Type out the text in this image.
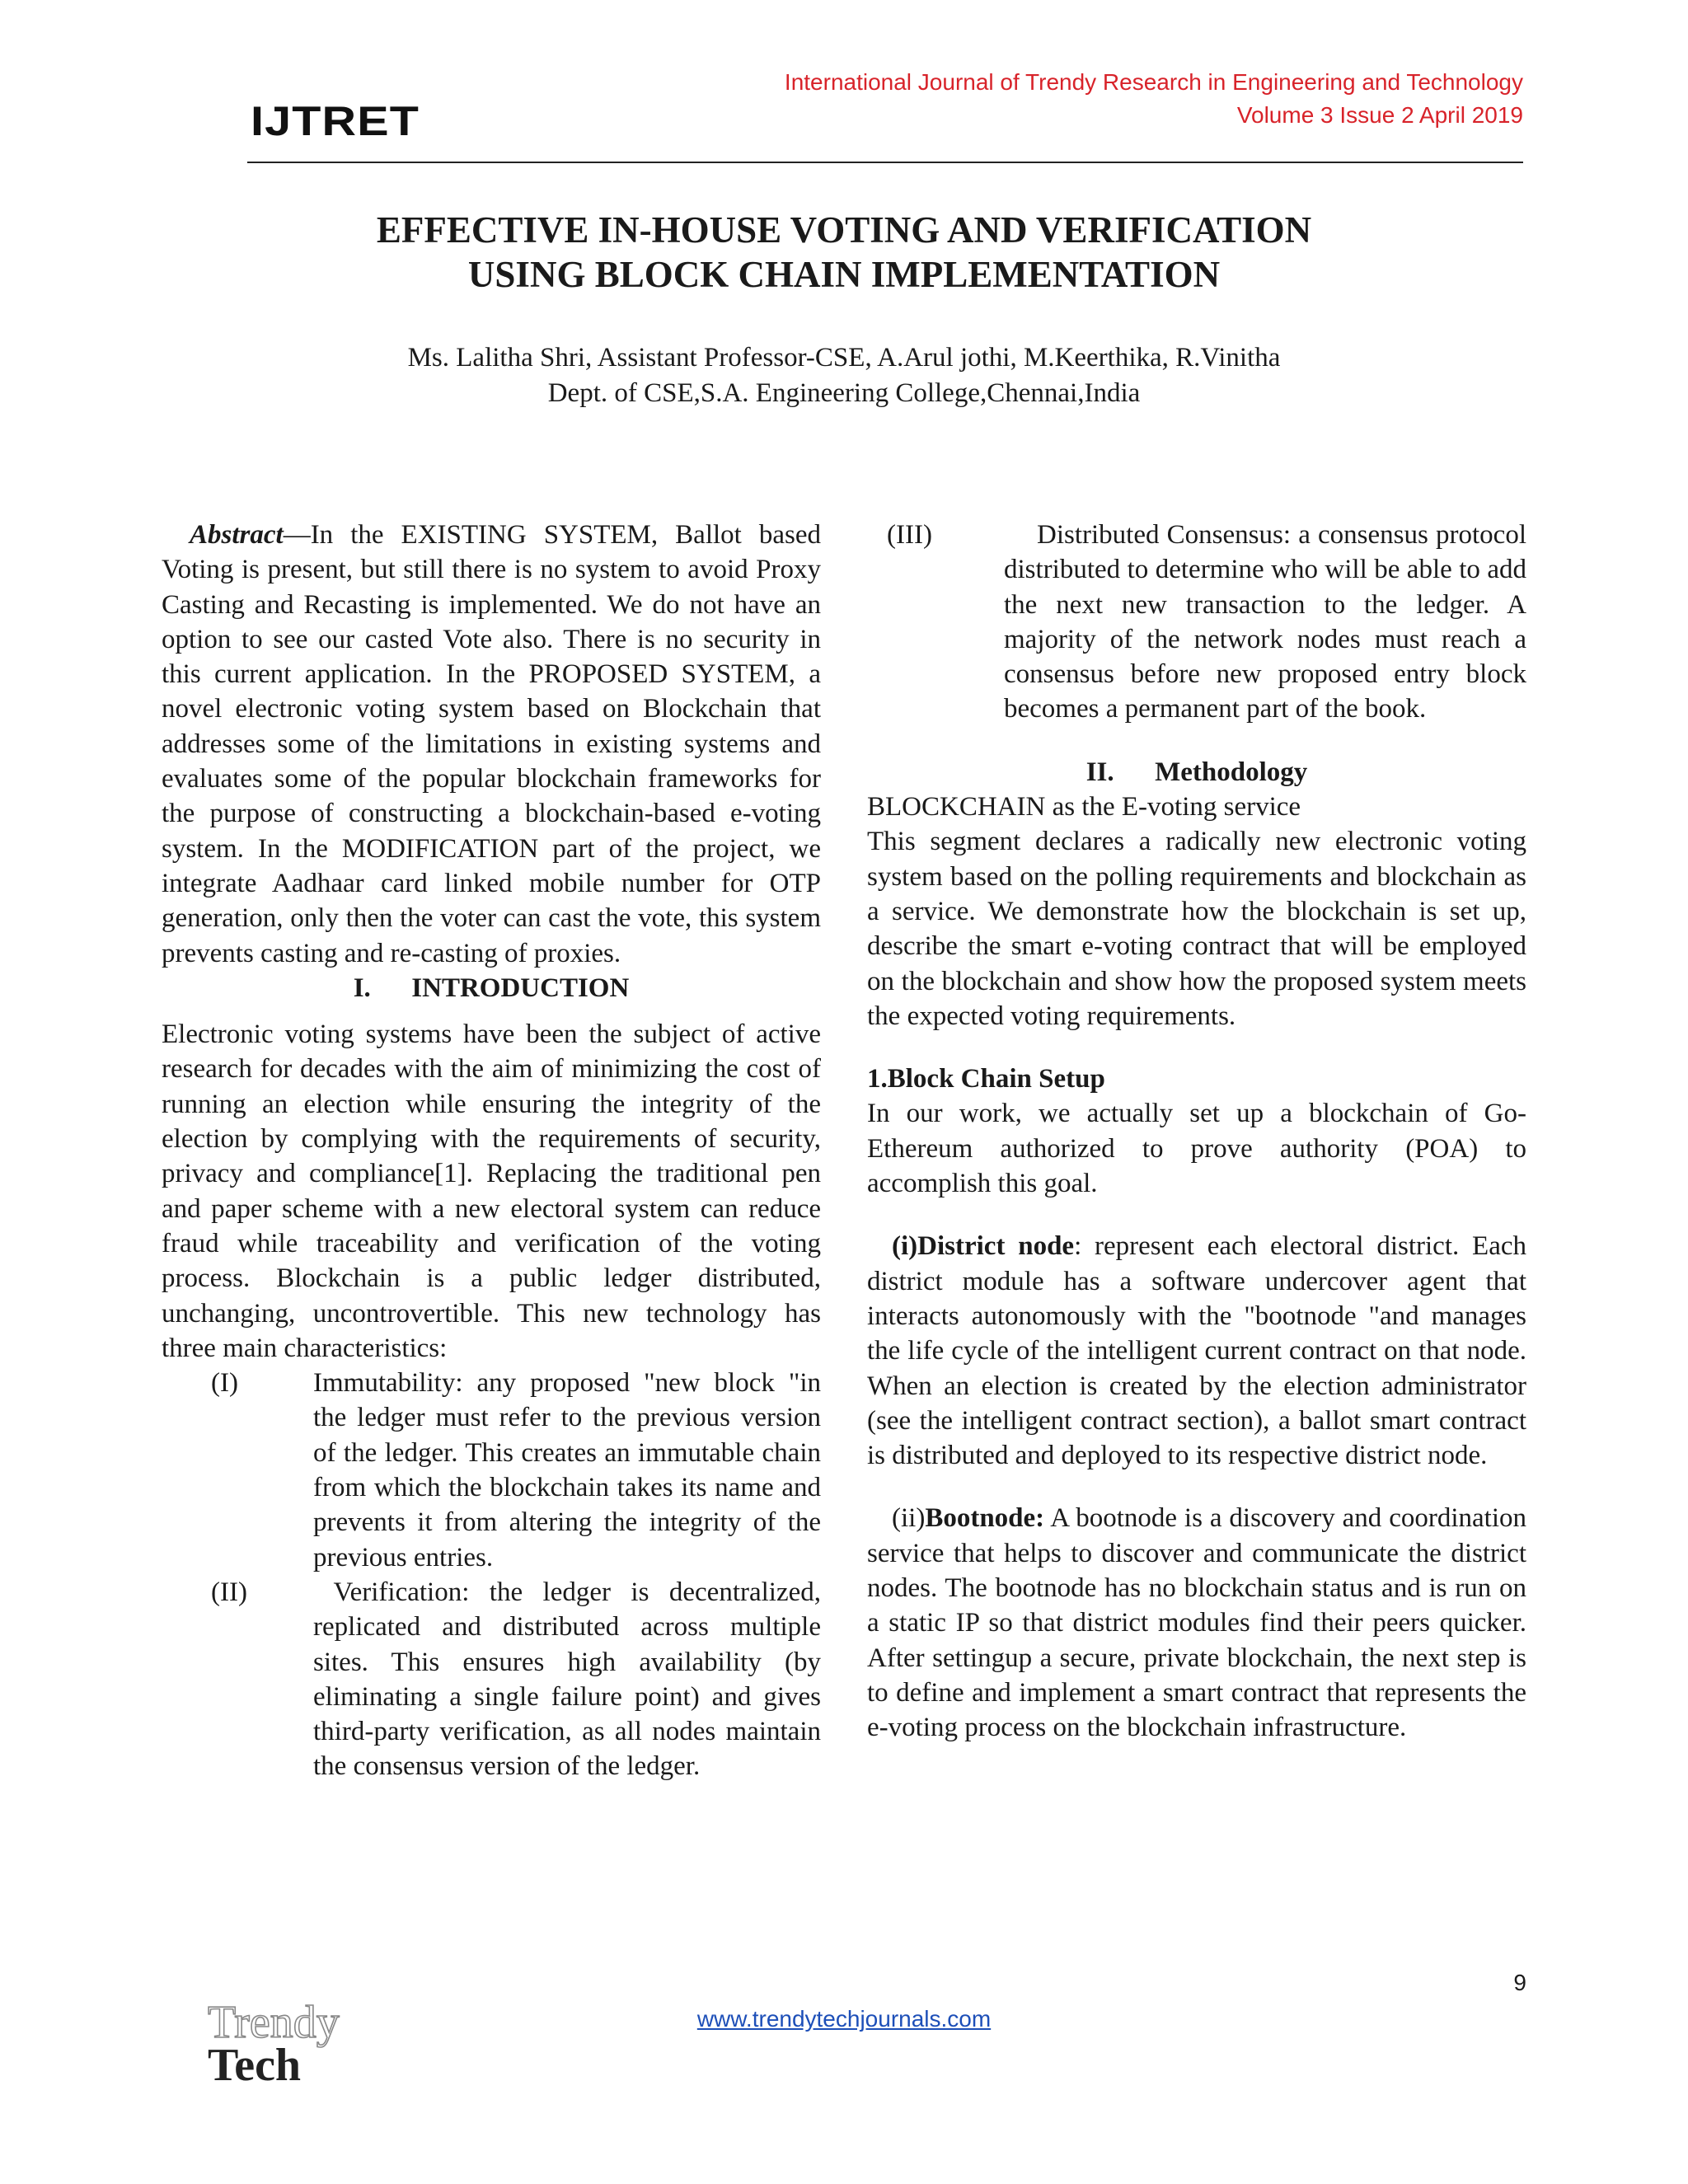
IJTRET
International Journal of Trendy Research in Engineering and Technology
Volume 3 Issue 2 April 2019
EFFECTIVE IN-HOUSE VOTING AND VERIFICATION
USING BLOCK CHAIN IMPLEMENTATION
Ms. Lalitha Shri, Assistant Professor-CSE, A.Arul jothi, M.Keerthika, R.Vinitha
Dept. of CSE,S.A. Engineering College,Chennai,India

Abstract—In the EXISTING SYSTEM, Ballot based Voting is present, but still there is no system to avoid Proxy Casting and Recasting is implemented. We do not have an option to see our casted Vote also. There is no security in this current application. In the PROPOSED SYSTEM, a novel electronic voting system based on Blockchain that addresses some of the limitations in existing systems and evaluates some of the popular blockchain frameworks for the purpose of constructing a blockchain-based e-voting system. In the MODIFICATION part of the project, we integrate Aadhaar card linked mobile number for OTP generation, only then the voter can cast the vote, this system prevents casting and re-casting of proxies.

I.      INTRODUCTION

Electronic voting systems have been the subject of active research for decades with the aim of minimizing the cost of running an election while ensuring the integrity of the election by complying with the requirements of security, privacy and compliance[1]. Replacing the traditional pen and paper scheme with a new electoral system can reduce fraud while traceability and verification of the voting process. Blockchain is a public ledger distributed, unchanging, uncontrovertible. This new technology has three main characteristics:

(I)	Immutability: any proposed "new block "in the ledger must refer to the previous version of the ledger. This creates an immutable chain from which the blockchain takes its name and prevents it from altering the integrity of the previous entries.
(II)	Verification: the ledger is decentralized, replicated and distributed across multiple sites. This ensures high availability (by eliminating a single failure point) and gives third-party verification, as all nodes maintain the consensus version of the ledger.
(III)	Distributed Consensus: a consensus protocol distributed to determine who will be able to add the next new transaction to the ledger. A majority of the network nodes must reach a consensus before new proposed entry block becomes a permanent part of the book.

II.      Methodology

BLOCKCHAIN as the E-voting service

This segment declares a radically new electronic voting system based on the polling requirements and blockchain as a service. We demonstrate how the blockchain is set up, describe the smart e-voting contract that will be employed on the blockchain and show how the proposed system meets the expected voting requirements.

1.Block Chain Setup

In our work, we actually set up a blockchain of Go-Ethereum authorized to prove authority (POA) to accomplish this goal.

(i)District node: represent each electoral district. Each district module has a software undercover agent that interacts autonomously with the "bootnode "and manages the life cycle of the intelligent current contract on that node. When an election is created by the election administrator (see the intelligent contract section), a ballot smart contract is distributed and deployed to its respective district node.

(ii)Bootnode: A bootnode is a discovery and coordination service that helps to discover and communicate the district nodes. The bootnode has no blockchain status and is run on a static IP so that district modules find their peers quicker. After settingup a secure, private blockchain, the next step is to define and implement a smart contract that represents the e-voting process on the blockchain infrastructure.

9
www.trendytechjournals.com
Trendy
Tech
